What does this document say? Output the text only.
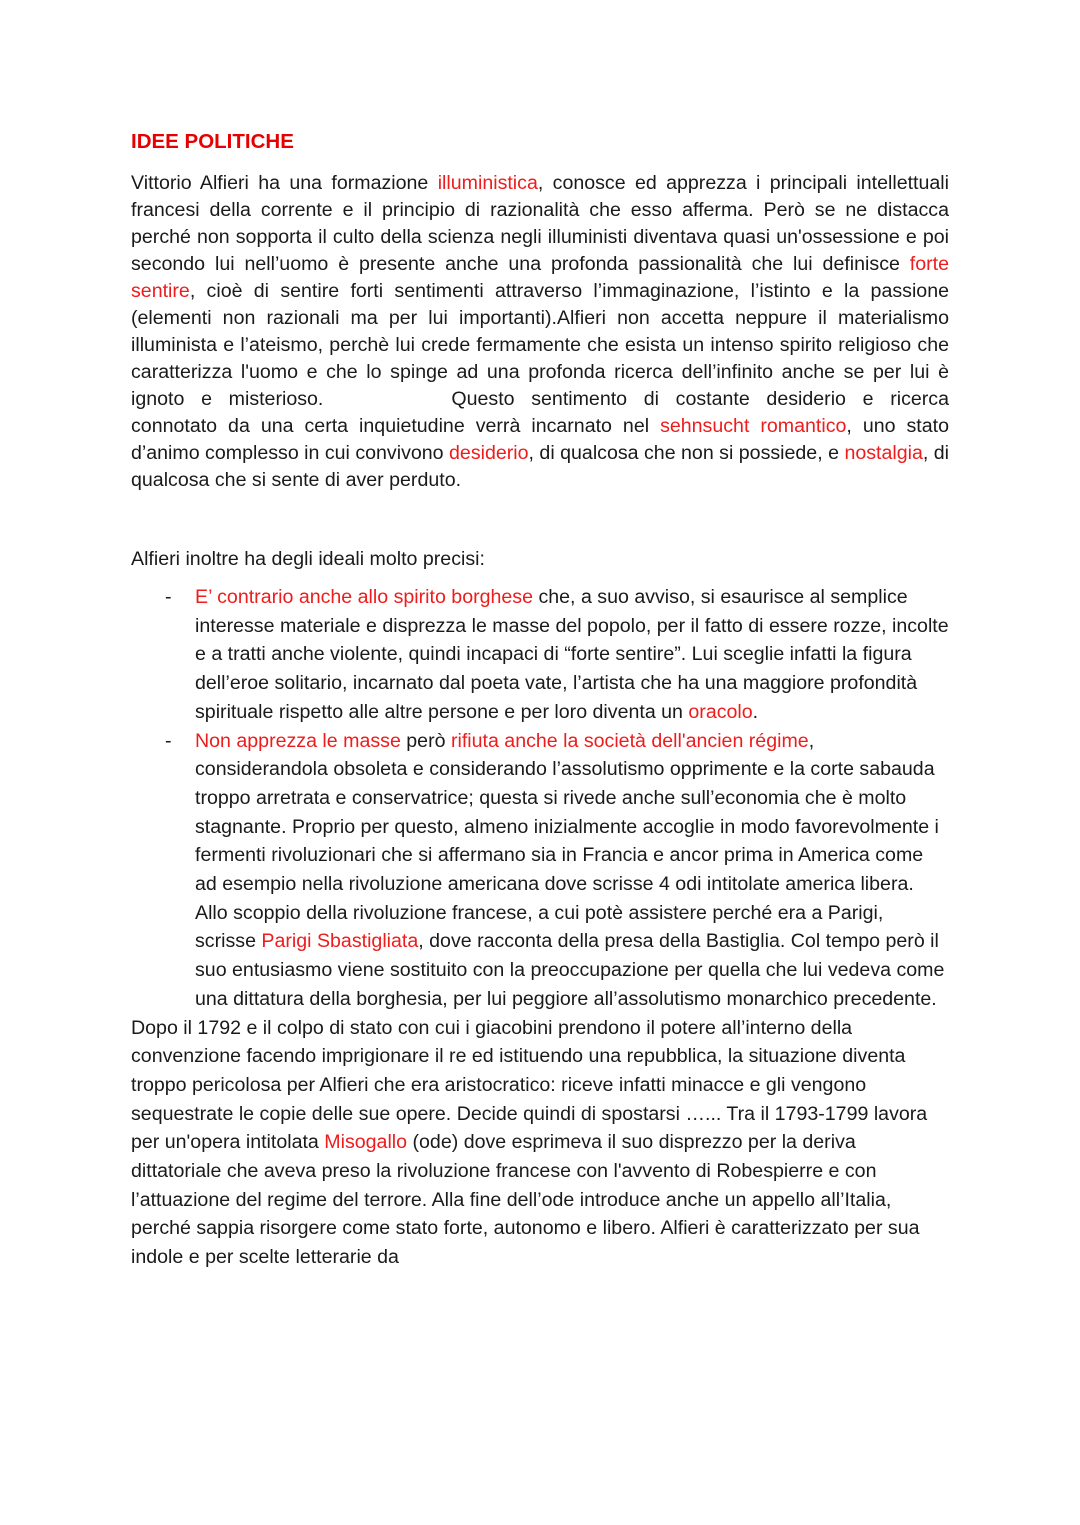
IDEE POLITICHE

Vittorio Alfieri ha una formazione illuministica, conosce ed apprezza i principali intellettuali francesi della corrente e il principio di razionalità che esso afferma. Però se ne distacca perché non sopporta il culto della scienza negli illuministi diventava quasi un'ossessione e poi secondo lui nell’uomo è presente anche una profonda passionalità che lui definisce forte sentire, cioè di sentire forti sentimenti attraverso l’immaginazione, l’istinto e la passione (elementi non razionali ma per lui importanti).Alfieri non accetta neppure il materialismo illuminista e l’ateismo, perchè lui crede fermamente che esista un intenso spirito religioso che caratterizza l'uomo e che lo spinge ad una profonda ricerca dell’infinito anche se per lui è ignoto e misterioso.	Questo sentimento di costante desiderio e ricerca connotato da una certa inquietudine verrà incarnato nel sehnsucht romantico, uno stato d’animo complesso in cui convivono desiderio, di qualcosa che non si possiede, e nostalgia, di qualcosa che si sente di aver perduto.

Alfieri inoltre ha degli ideali molto precisi:

- E’ contrario anche allo spirito borghese che, a suo avviso, si esaurisce al semplice interesse materiale e disprezza le masse del popolo, per il fatto di essere rozze, incolte e a tratti anche violente, quindi incapaci di “forte sentire”. Lui sceglie infatti la figura dell’eroe solitario, incarnato dal poeta vate, l’artista che ha una maggiore profondità spirituale rispetto alle altre persone e per loro diventa un oracolo.
- Non apprezza le masse però rifiuta anche la società dell'ancien régime, considerandola obsoleta e considerando l’assolutismo opprimente e la corte sabauda troppo arretrata e conservatrice; questa si rivede anche sull’economia che è molto stagnante. Proprio per questo, almeno inizialmente accoglie in modo favorevolmente i fermenti rivoluzionari che si affermano sia in Francia e ancor prima in America come ad esempio nella rivoluzione americana dove scrisse 4 odi intitolate america libera. Allo scoppio della rivoluzione francese, a cui potè assistere perché era a Parigi, scrisse Parigi Sbastigliata, dove racconta della presa della Bastiglia. Col tempo però il suo entusiasmo viene sostituito con la preoccupazione per quella che lui vedeva come una dittatura della borghesia, per lui peggiore all’assolutismo monarchico precedente.

Dopo il 1792 e il colpo di stato con cui i giacobini prendono il potere all’interno della convenzione facendo imprigionare il re ed istituendo una repubblica, la situazione diventa troppo pericolosa per Alfieri che era aristocratico: riceve infatti minacce e gli vengono sequestrate le copie delle sue opere. Decide quindi di spostarsi …... Tra il 1793-1799 lavora per un'opera intitolata Misogallo (ode) dove esprimeva il suo disprezzo per la deriva dittatoriale che aveva preso la rivoluzione francese con l'avvento di Robespierre e con l’attuazione del regime del terrore. Alla fine dell’ode introduce anche un appello all’Italia, perché sappia risorgere come stato forte, autonomo e libero. Alfieri è caratterizzato per sua indole e per scelte letterarie da
